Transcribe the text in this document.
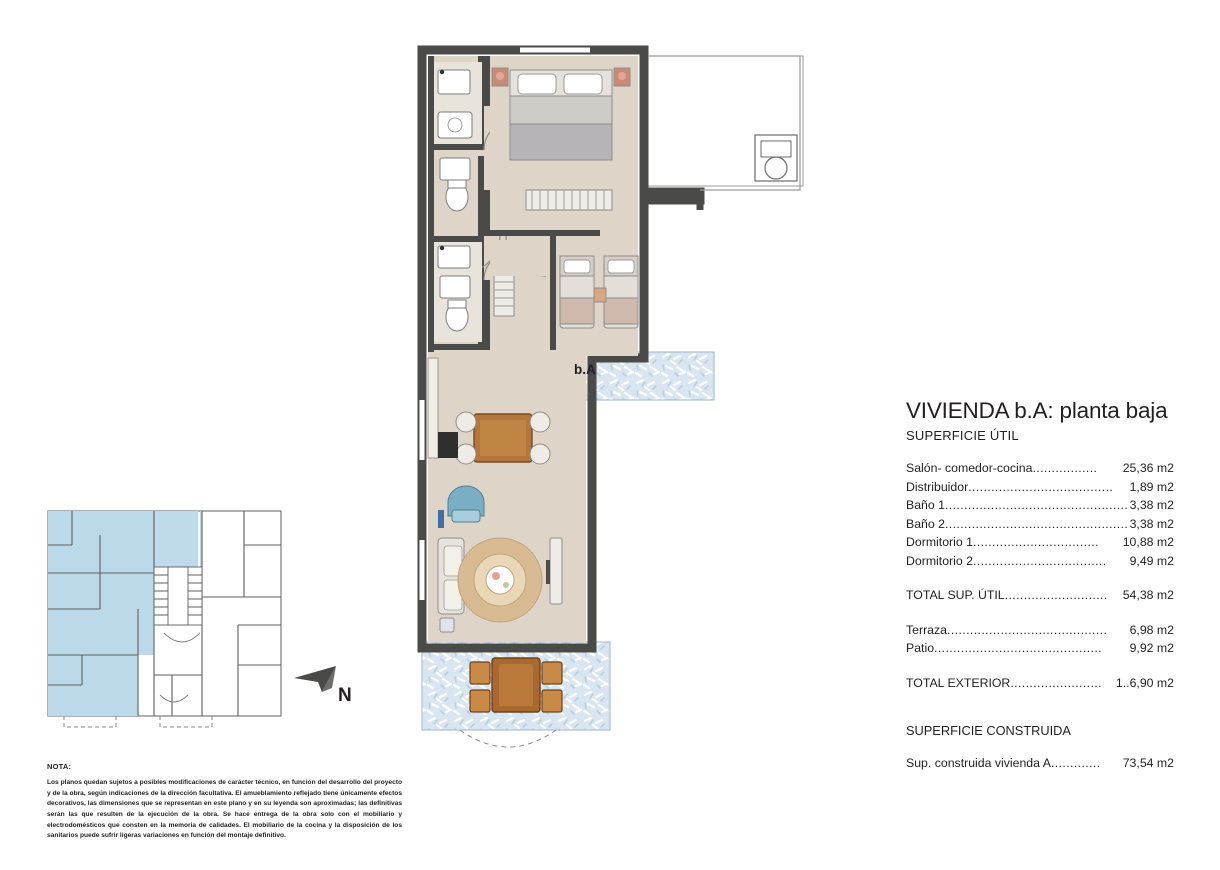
b.A
N
NOTA:
Los planos quedan sujetos a posibles modificaciones de carácter técnico, en función del desarrollo del proyecto y de la obra, según indicaciones de la dirección facultativa. El amueblamiento reflejado tiene únicamente efectos decorativos, las dimensiones que se representan en este plano y en su leyenda son aproximadas; las definitivas serán las que resulten de la ejecución de la obra. Se hace entrega de la obra solo con el mobiliario y electrodomésticos que consten en la memoria de calidades. El mobiliario de la cocina y la disposición de los sanitarios puede sufrir ligeras variaciones en función del montaje definitivo.
VIVIENDA b.A: planta baja
SUPERFICIE ÚTIL
Salón- comedor-cocina .................	25,36 m2
Distribuidor ......................................	1,89 m2
Baño 1 ................................................ 3,38 m2
Baño 2 ................................................ 3,38 m2
Dormitorio 1 .................................	10,88 m2
Dormitorio 2 ...................................	9,49 m2
TOTAL SUP. ÚTIL ...........................	54,38 m2
Terraza ..........................................	6,98 m2
Patio ............................................	9,92 m2
TOTAL EXTERIOR ........................	1..6,90 m2
SUPERFICIE CONSTRUIDA
Sup. construida vivienda A .............	73,54 m2
